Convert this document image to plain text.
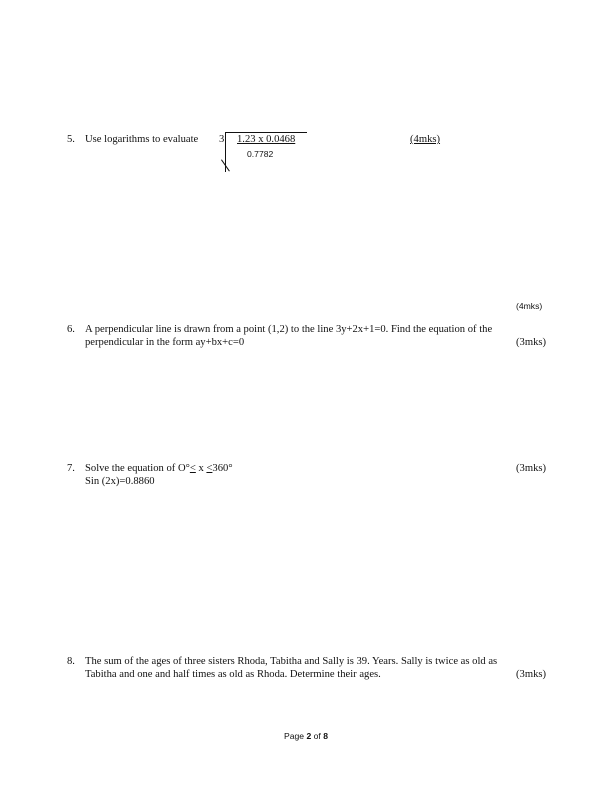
5. Use logarithms to evaluate 3 1.23 x 0.0468
0.7782
(4mks)
(4mks)
6. A perpendicular line is drawn from a point (1,2) to the line 3y+2x+1=0. Find the equation of the
perpendicular in the form ay+bx+c=0	(3mks)
7. Solve the equation of O°< x <360°
Sin (2x)=0.8860
(3mks)
8. The sum of the ages of three sisters Rhoda, Tabitha and Sally is 39. Years. Sally is twice as old as
Tabitha and one and half times as old as Rhoda. Determine their ages.	(3mks)
Page 2 of 8
